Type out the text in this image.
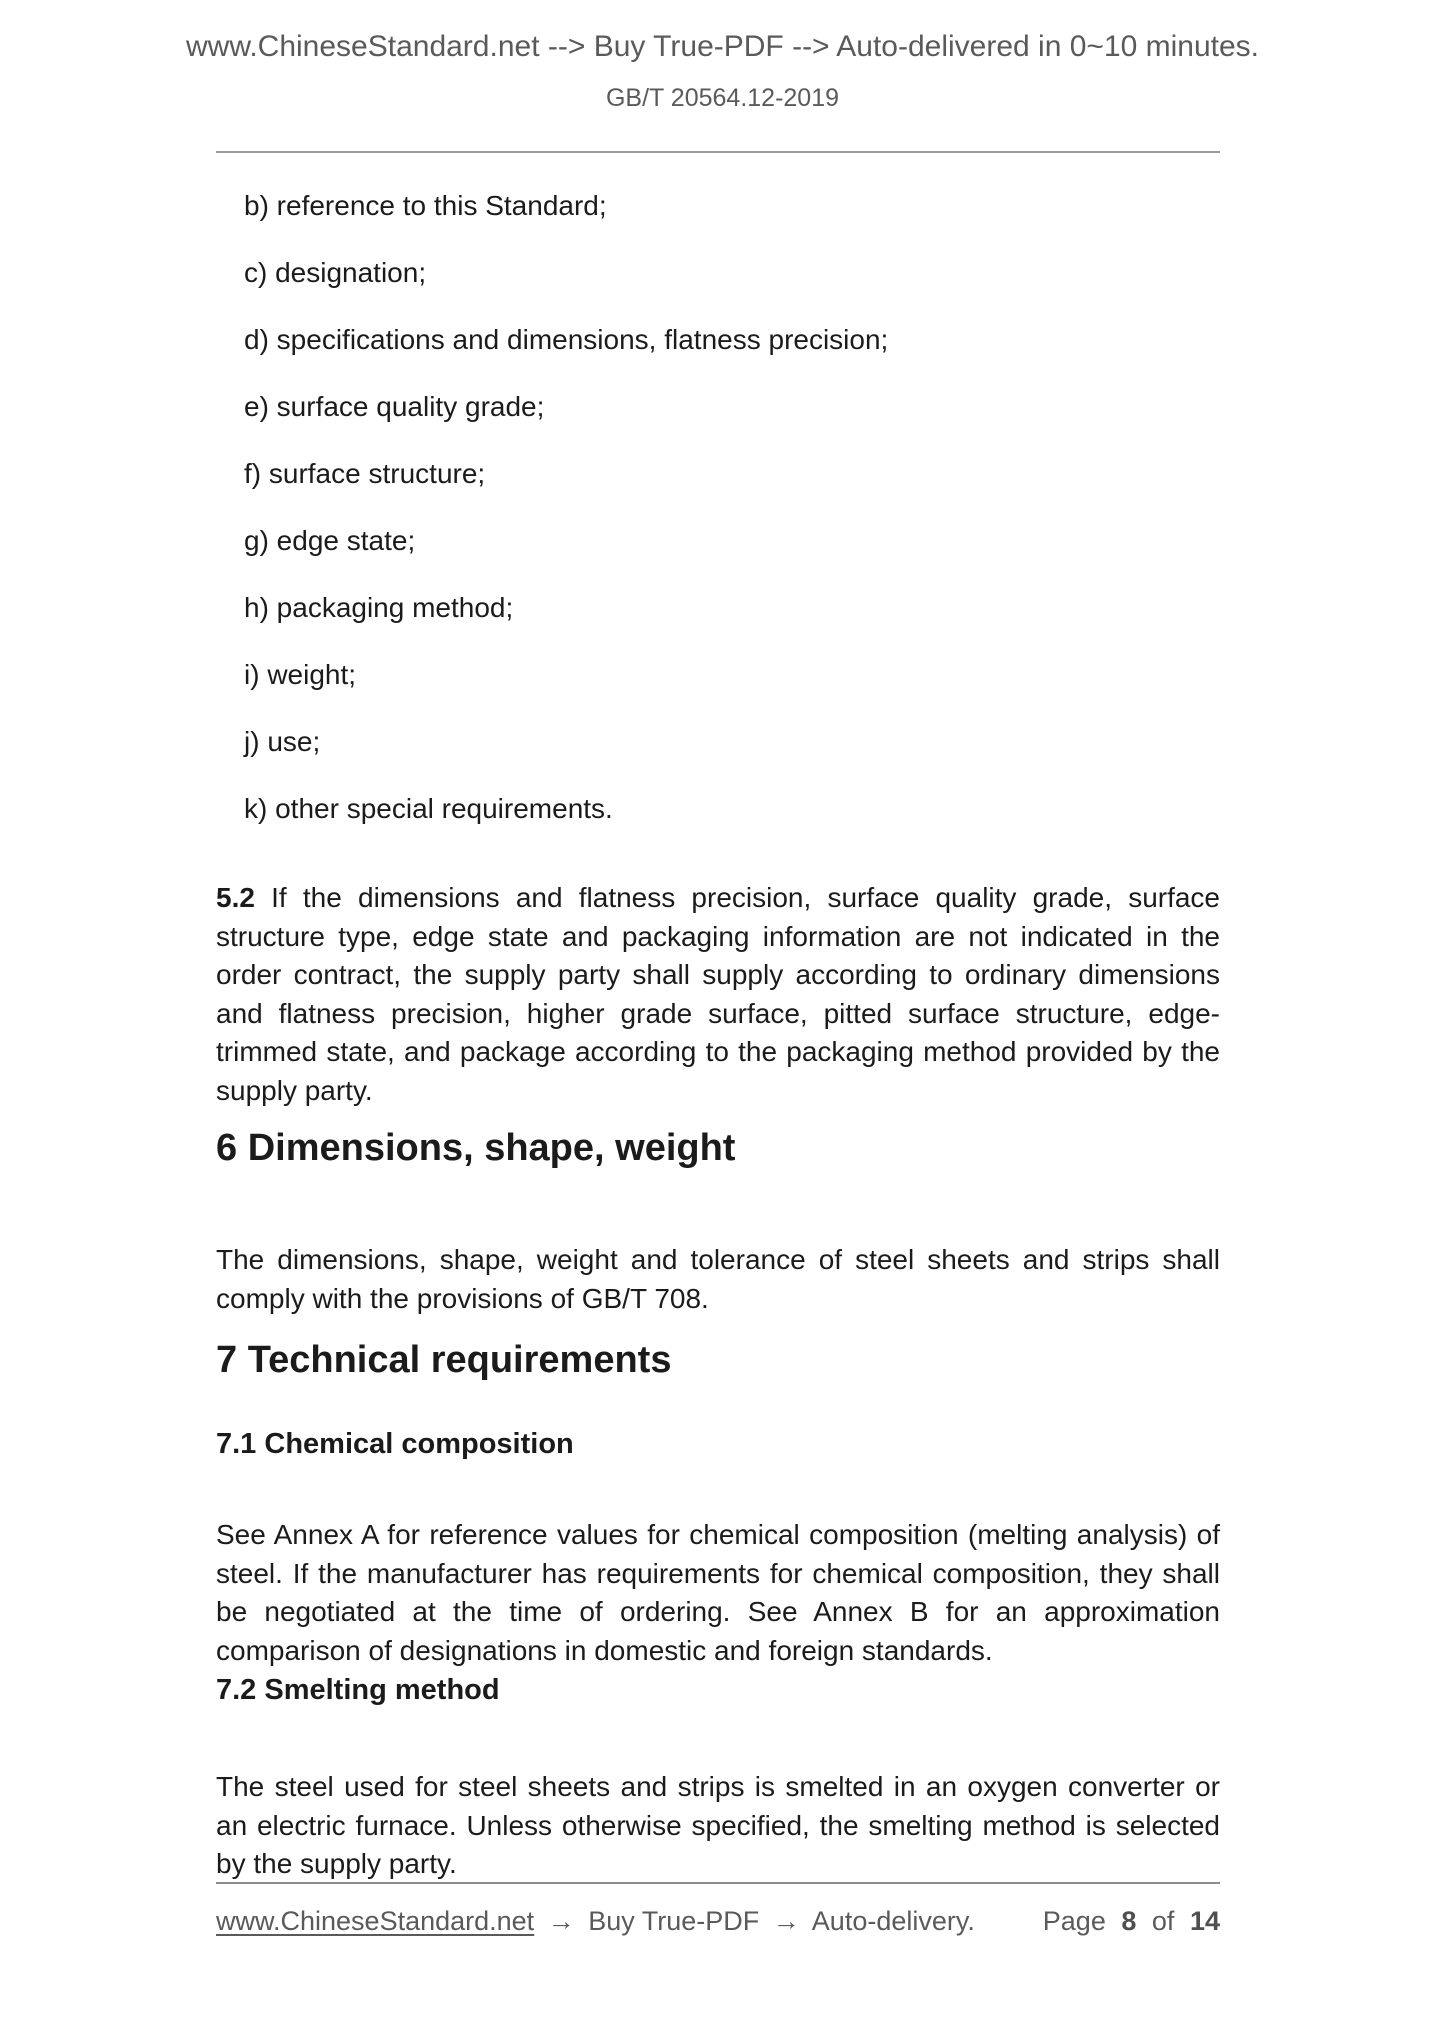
www.ChineseStandard.net --> Buy True-PDF --> Auto-delivered in 0~10 minutes.
GB/T 20564.12-2019
b) reference to this Standard;
c) designation;
d) specifications and dimensions, flatness precision;
e) surface quality grade;
f) surface structure;
g) edge state;
h) packaging method;
i) weight;
j) use;
k) other special requirements.

5.2 If the dimensions and flatness precision, surface quality grade, surface structure type, edge state and packaging information are not indicated in the order contract, the supply party shall supply according to ordinary dimensions and flatness precision, higher grade surface, pitted surface structure, edge-trimmed state, and package according to the packaging method provided by the supply party.

6 Dimensions, shape, weight

The dimensions, shape, weight and tolerance of steel sheets and strips shall comply with the provisions of GB/T 708.

7 Technical requirements
7.1 Chemical composition

See Annex A for reference values for chemical composition (melting analysis) of steel. If the manufacturer has requirements for chemical composition, they shall be negotiated at the time of ordering. See Annex B for an approximation comparison of designations in domestic and foreign standards.

7.2 Smelting method

The steel used for steel sheets and strips is smelted in an oxygen converter or an electric furnace. Unless otherwise specified, the smelting method is selected by the supply party.

www.ChineseStandard.net → Buy True-PDF → Auto-delivery.	Page 8 of 14
